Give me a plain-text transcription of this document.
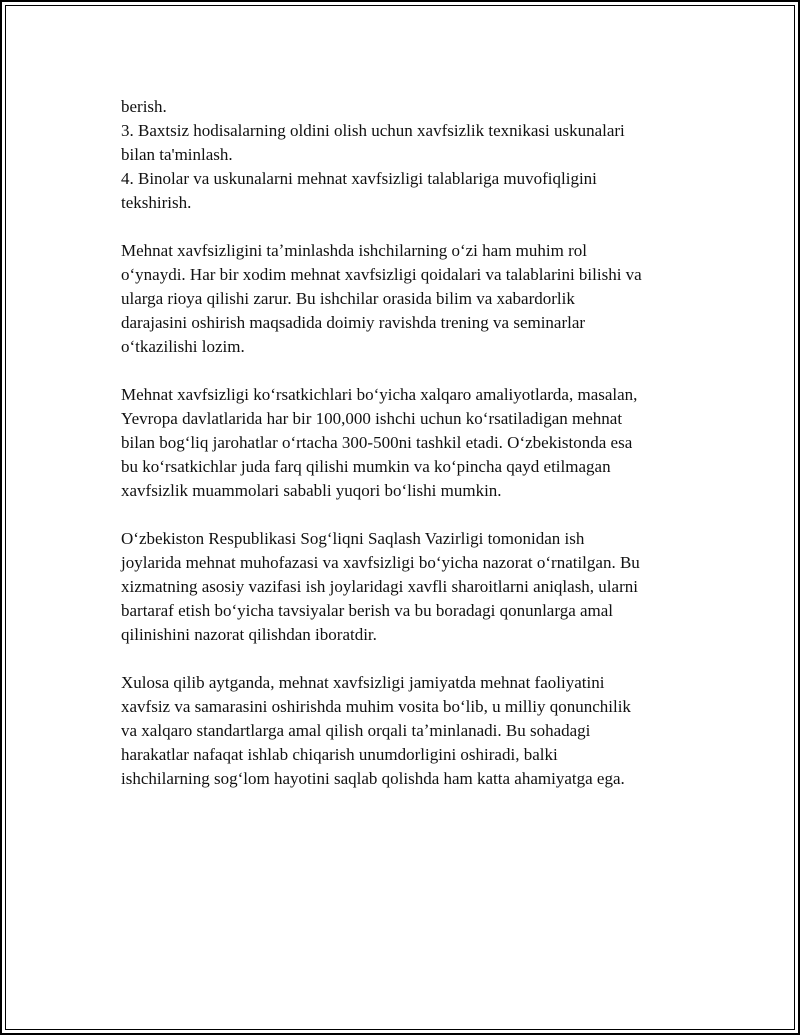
berish.
3. Baxtsiz hodisalarning oldini olish uchun xavfsizlik texnikasi uskunalari
bilan ta'minlash.
4. Binolar va uskunalarni mehnat xavfsizligi talablariga muvofiqligini
tekshirish.

Mehnat xavfsizligini taʼminlashda ishchilarning oʻzi ham muhim rol
oʻynaydi. Har bir xodim mehnat xavfsizligi qoidalari va talablarini bilishi va
ularga rioya qilishi zarur. Bu ishchilar orasida bilim va xabardorlik
darajasini oshirish maqsadida doimiy ravishda trening va seminarlar
oʻtkazilishi lozim.

Mehnat xavfsizligi koʻrsatkichlari boʻyicha xalqaro amaliyotlarda, masalan,
Yevropa davlatlarida har bir 100,000 ishchi uchun koʻrsatiladigan mehnat
bilan bogʻliq jarohatlar oʻrtacha 300-500ni tashkil etadi. Oʻzbekistonda esa
bu koʻrsatkichlar juda farq qilishi mumkin va koʻpincha qayd etilmagan
xavfsizlik muammolari sababli yuqori boʻlishi mumkin.

Oʻzbekiston Respublikasi Sogʻliqni Saqlash Vazirligi tomonidan ish
joylarida mehnat muhofazasi va xavfsizligi boʻyicha nazorat oʻrnatilgan. Bu
xizmatning asosiy vazifasi ish joylaridagi xavfli sharoitlarni aniqlash, ularni
bartaraf etish boʻyicha tavsiyalar berish va bu boradagi qonunlarga amal
qilinishini nazorat qilishdan iboratdir.

Xulosa qilib aytganda, mehnat xavfsizligi jamiyatda mehnat faoliyatini
xavfsiz va samarasini oshirishda muhim vosita boʻlib, u milliy qonunchilik
va xalqaro standartlarga amal qilish orqali taʼminlanadi. Bu sohadagi
harakatlar nafaqat ishlab chiqarish unumdorligini oshiradi, balki
ishchilarning sogʻlom hayotini saqlab qolishda ham katta ahamiyatga ega.
